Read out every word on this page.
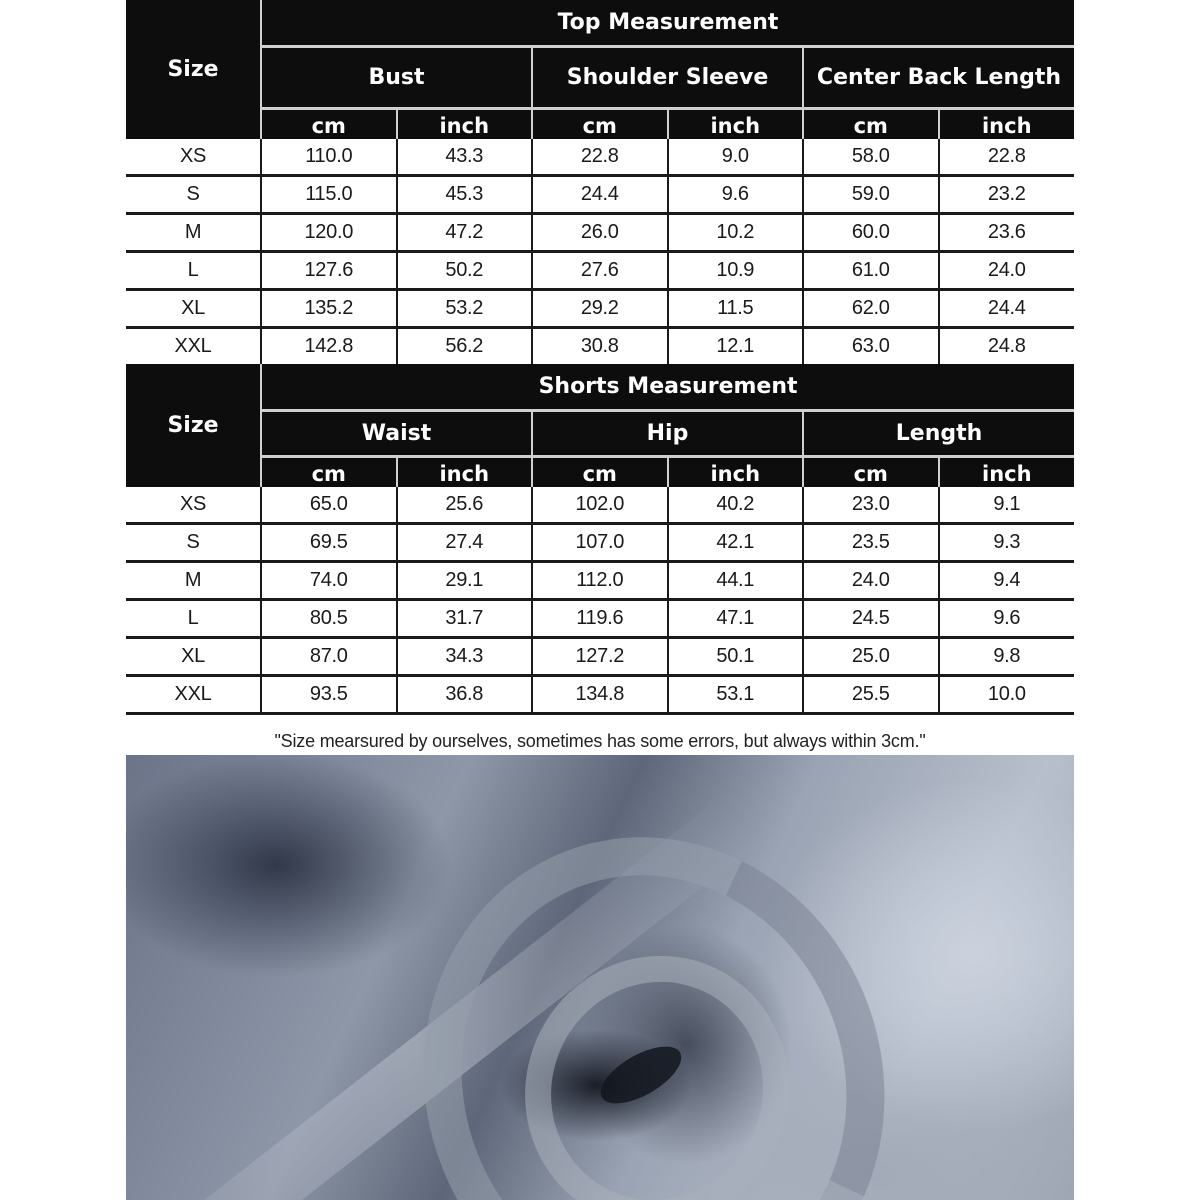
Size	Top Measurement					
	Bust		Shoulder Sleeve		Center Back Length	
	cm	inch	cm	inch	cm	inch
XS	110.0	43.3	22.8	9.0	58.0	22.8
S	115.0	45.3	24.4	9.6	59.0	23.2
M	120.0	47.2	26.0	10.2	60.0	23.6
L	127.6	50.2	27.6	10.9	61.0	24.0
XL	135.2	53.2	29.2	11.5	62.0	24.4
XXL	142.8	56.2	30.8	12.1	63.0	24.8
Size	Shorts Measurement					
	Waist		Hip		Length	
	cm	inch	cm	inch	cm	inch
XS	65.0	25.6	102.0	40.2	23.0	9.1
S	69.5	27.4	107.0	42.1	23.5	9.3
M	74.0	29.1	112.0	44.1	24.0	9.4
L	80.5	31.7	119.6	47.1	24.5	9.6
XL	87.0	34.3	127.2	50.1	25.0	9.8
XXL	93.5	36.8	134.8	53.1	25.5	10.0
"Size mearsured by ourselves, sometimes has some errors, but always within 3cm."
